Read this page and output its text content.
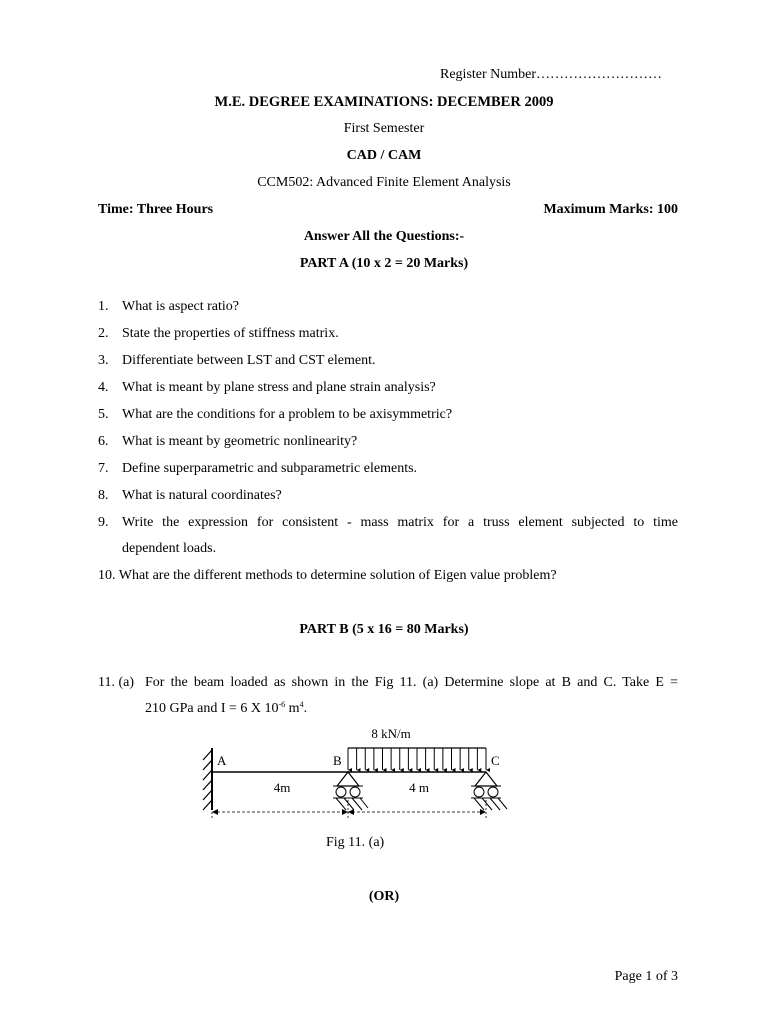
Register Number………………………
M.E. DEGREE EXAMINATIONS: DECEMBER 2009
First Semester
CAD / CAM
CCM502: Advanced Finite Element Analysis
Time: Three Hours	Maximum Marks: 100
Answer All the Questions:-
PART A (10 x 2 = 20 Marks)
1. What is aspect ratio?
2. State the properties of stiffness matrix.
3. Differentiate between LST and CST element.
4. What is meant by plane stress and plane strain analysis?
5. What are the conditions for a problem to be axisymmetric?
6. What is meant by geometric nonlinearity?
7. Define superparametric and subparametric elements.
8. What is natural coordinates?
9. Write the expression for consistent - mass matrix for a truss element subjected to time
dependent loads.
10. What are the different methods to determine solution of Eigen value problem?
PART B (5 x 16 = 80 Marks)
11. (a) For the beam loaded as shown in the Fig 11. (a) Determine slope at B and C. Take E =
210 GPa and I = 6 X $10^{-6}$ $m^4$.
8 kN/m
A	B	C
4m	4 m
Fig 11. (a)
(OR)
Page 1 of 3
